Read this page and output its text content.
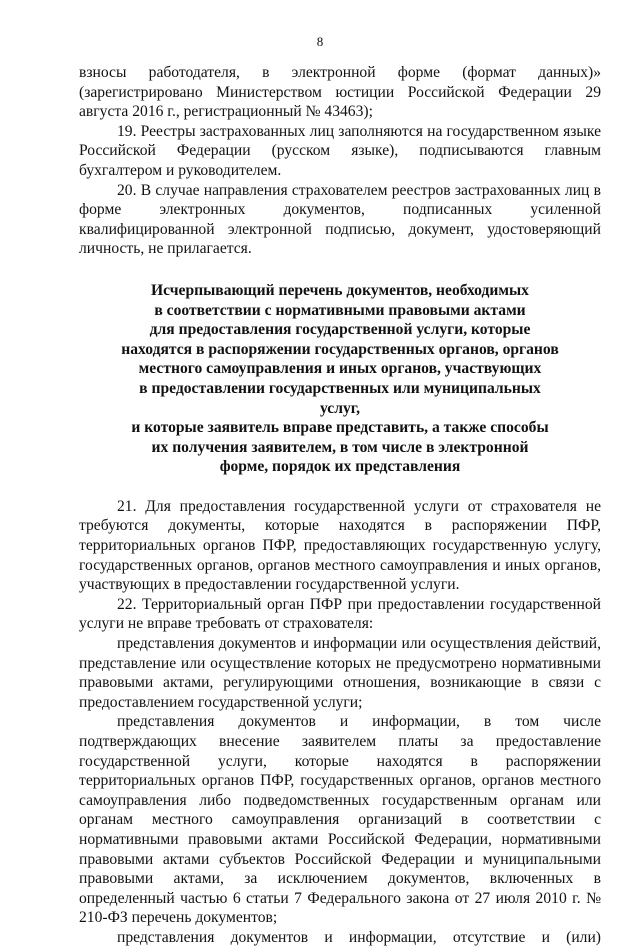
8

взносы работодателя, в электронной форме (формат данных)» (зарегистрировано Министерством юстиции Российской Федерации 29 августа 2016 г., регистрационный № 43463);

19. Реестры застрахованных лиц заполняются на государственном языке Российской Федерации (русском языке), подписываются главным бухгалтером и руководителем.

20. В случае направления страхователем реестров застрахованных лиц в форме электронных документов, подписанных усиленной квалифицированной электронной подписью, документ, удостоверяющий личность, не прилагается.

Исчерпывающий перечень документов, необходимых
в соответствии с нормативными правовыми актами
для предоставления государственной услуги, которые
находятся в распоряжении государственных органов, органов
местного самоуправления и иных органов, участвующих
в предоставлении государственных или муниципальных услуг,
и которые заявитель вправе представить, а также способы
их получения заявителем, в том числе в электронной
форме, порядок их представления

21. Для предоставления государственной услуги от страхователя не требуются документы, которые находятся в распоряжении ПФР, территориальных органов ПФР, предоставляющих государственную услугу, государственных органов, органов местного самоуправления и иных органов, участвующих в предоставлении государственной услуги.

22. Территориальный орган ПФР при предоставлении государственной услуги не вправе требовать от страхователя:

представления документов и информации или осуществления действий, представление или осуществление которых не предусмотрено нормативными правовыми актами, регулирующими отношения, возникающие в связи с предоставлением государственной услуги;

представления документов и информации, в том числе подтверждающих внесение заявителем платы за предоставление государственной услуги, которые находятся в распоряжении территориальных органов ПФР, государственных органов, органов местного самоуправления либо подведомственных государственным органам или органам местного самоуправления организаций в соответствии с нормативными правовыми актами Российской Федерации, нормативными правовыми актами субъектов Российской Федерации и муниципальными правовыми актами, за исключением документов, включенных в определенный частью 6 статьи 7 Федерального закона от 27 июля 2010 г. № 210-ФЗ перечень документов;

представления документов и информации, отсутствие и (или)
